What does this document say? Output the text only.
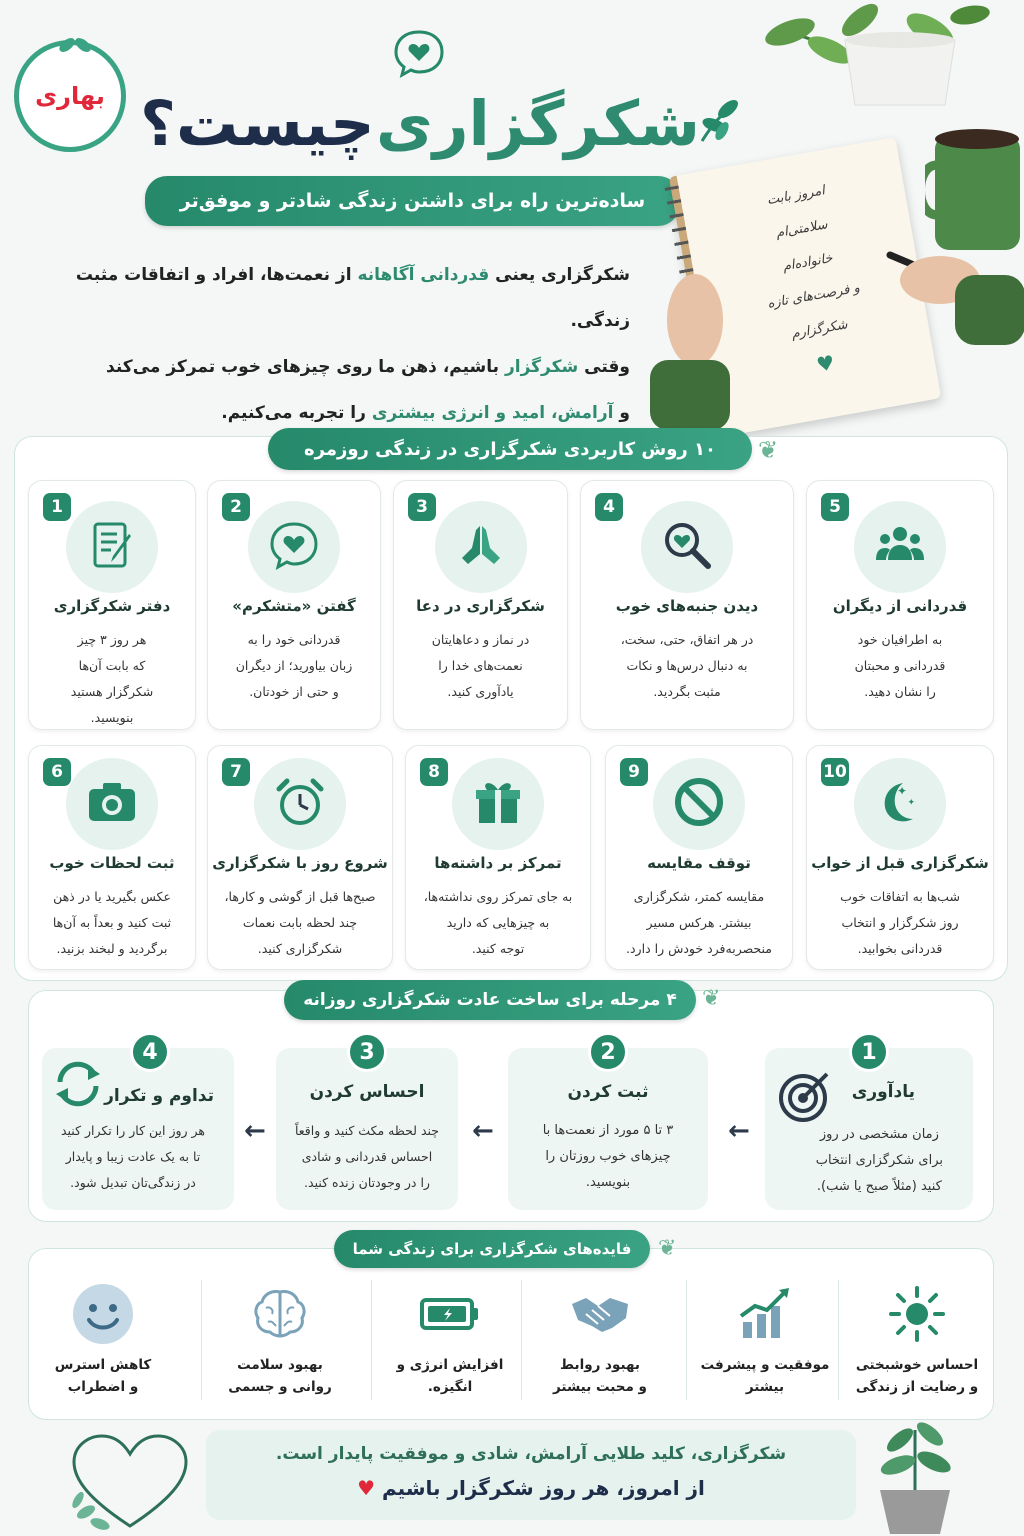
بهاری	شکرگزاری
چیست؟
ساده‌ترین راه برای داشتن زندگی شادتر و موفق‌تر	امروز بابت
سلامتی‌ام
خانواده‌ام
و فرصت‌های تازه
شکرگزارم
♥
شکرگزاری یعنی قدردانی آگاهانه از نعمت‌ها، افراد و اتفاقات مثبت زندگی.
وقتی شکرگزار باشیم، ذهن ما روی چیزهای خوب تمرکز می‌کند
و آرامش، امید و انرژی بیشتری را تجربه می‌کنیم.
۱۰ روش کاربردی شکرگزاری در زندگی روزمره	❦
1
دفتر شکرگزاری
هر روز ۳ چیز
که بابت آن‌ها
شکرگزار هستید
بنویسید.
2
گفتن «متشکرم»
قدردانی خود را به
زبان بیاورید؛ از دیگران
و حتی از خودتان.
3
شکرگزاری در دعا
در نماز و دعاهایتان
نعمت‌های خدا را
یادآوری کنید.
4
دیدن جنبه‌های خوب
در هر اتفاق، حتی، سخت،
به دنبال درس‌ها و نکات
مثبت بگردید.
5
قدردانی از دیگران
به اطرافیان خود
قدردانی و محبتان
را نشان دهید.
6
ثبت لحظات خوب
عکس بگیرید یا در ذهن
ثبت کنید و بعداً به آن‌ها
برگردید و لبخند بزنید.
7
شروع روز با شکرگزاری
صبح‌ها قبل از گوشی و کارها،
چند لحظه بابت نعمات
شکرگزاری کنید.
8
تمرکز بر داشته‌ها
به جای تمرکز روی نداشته‌ها،
به چیزهایی که دارید
توجه کنید.
9
توقف مقایسه
مقایسه کمتر، شکرگزاری
بیشتر. هرکس مسیر
منحصربه‌فرد خودش را دارد.
10
✦
✦
شکرگزاری قبل از خواب
شب‌ها به اتفاقات خوب
روز شکرگزار و انتخاب
قدردانی بخوابید.
۴ مرحله برای ساخت عادت شکرگزاری روزانه	❦
1
یادآوری
زمان مشخصی در روز
برای شکرگزاری انتخاب
کنید (مثلاً صبح یا شب).
←
2
ثبت کردن
۳ تا ۵ مورد از نعمت‌ها با
چیزهای خوب روزتان را
بنویسید.
←
3
احساس کردن
چند لحظه مکث کنید و واقعاً
احساس قدردانی و شادی
را در وجودتان زنده کنید.
←
4
تداوم و تکرار
هر روز این کار را تکرار کنید
تا به یک عادت زیبا و پایدار
در زندگی‌تان تبدیل شود.
فایده‌های شکرگزاری برای زندگی شما	❦
احساس خوشبختی
و رضایت از زندگی
موفقیت و پیشرفت
بیشتر
بهبود روابط
و محبت بیشتر
افزایش انرژی و
انگیزه.
بهبود سلامت
روانی و جسمی
کاهش استرس
و اضطراب
شکرگزاری، کلید طلایی آرامش، شادی و موفقیت پایدار است.
از امروز، هر روز شکرگزار باشیم ♥
